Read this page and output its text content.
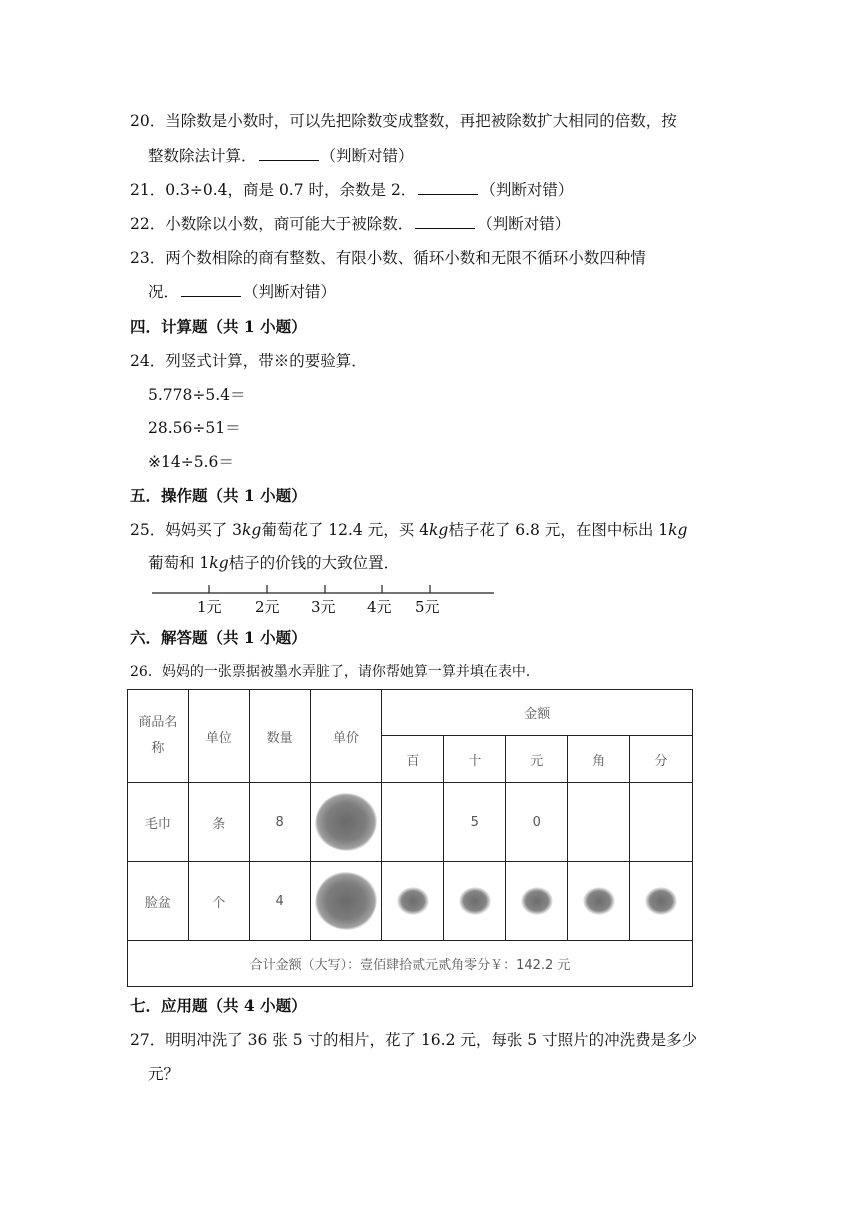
20．当除数是小数时，可以先把除数变成整数，再把被除数扩大相同的倍数，按
整数除法计算．	（判断对错）
21．0.3÷0.4，商是 0.7 时，余数是 2．	（判断对错）
22．小数除以小数，商可能大于被除数．	（判断对错）
23．两个数相除的商有整数、有限小数、循环小数和无限不循环小数四种情
况．	（判断对错）
四．计算题（共 1 小题）
24．列竖式计算，带※的要验算．
5.778÷5.4＝
28.56÷51＝
※14÷5.6＝
五．操作题（共 1 小题）
25．妈妈买了 3kg葡萄花了 12.4 元，买 4kg桔子花了 6.8 元，在图中标出 1kg
葡萄和 1kg桔子的价钱的大致位置．
1元 2元 3元 4元 5元
六．解答题（共 1 小题）
26．妈妈的一张票据被墨水弄脏了，请你帮她算一算并填在表中．
商品名称	单位	数量	单价	金额				
				百	十	元	角	分
毛巾	条	8			5	0		
脸盆	个	4	

合计金额（大写）：壹佰肆拾贰元贰角零分￥：142.2 元								
七．应用题（共 4 小题）
27．明明冲洗了 36 张 5 寸的相片，花了 16.2 元，每张 5 寸照片的冲洗费是多少
元？
